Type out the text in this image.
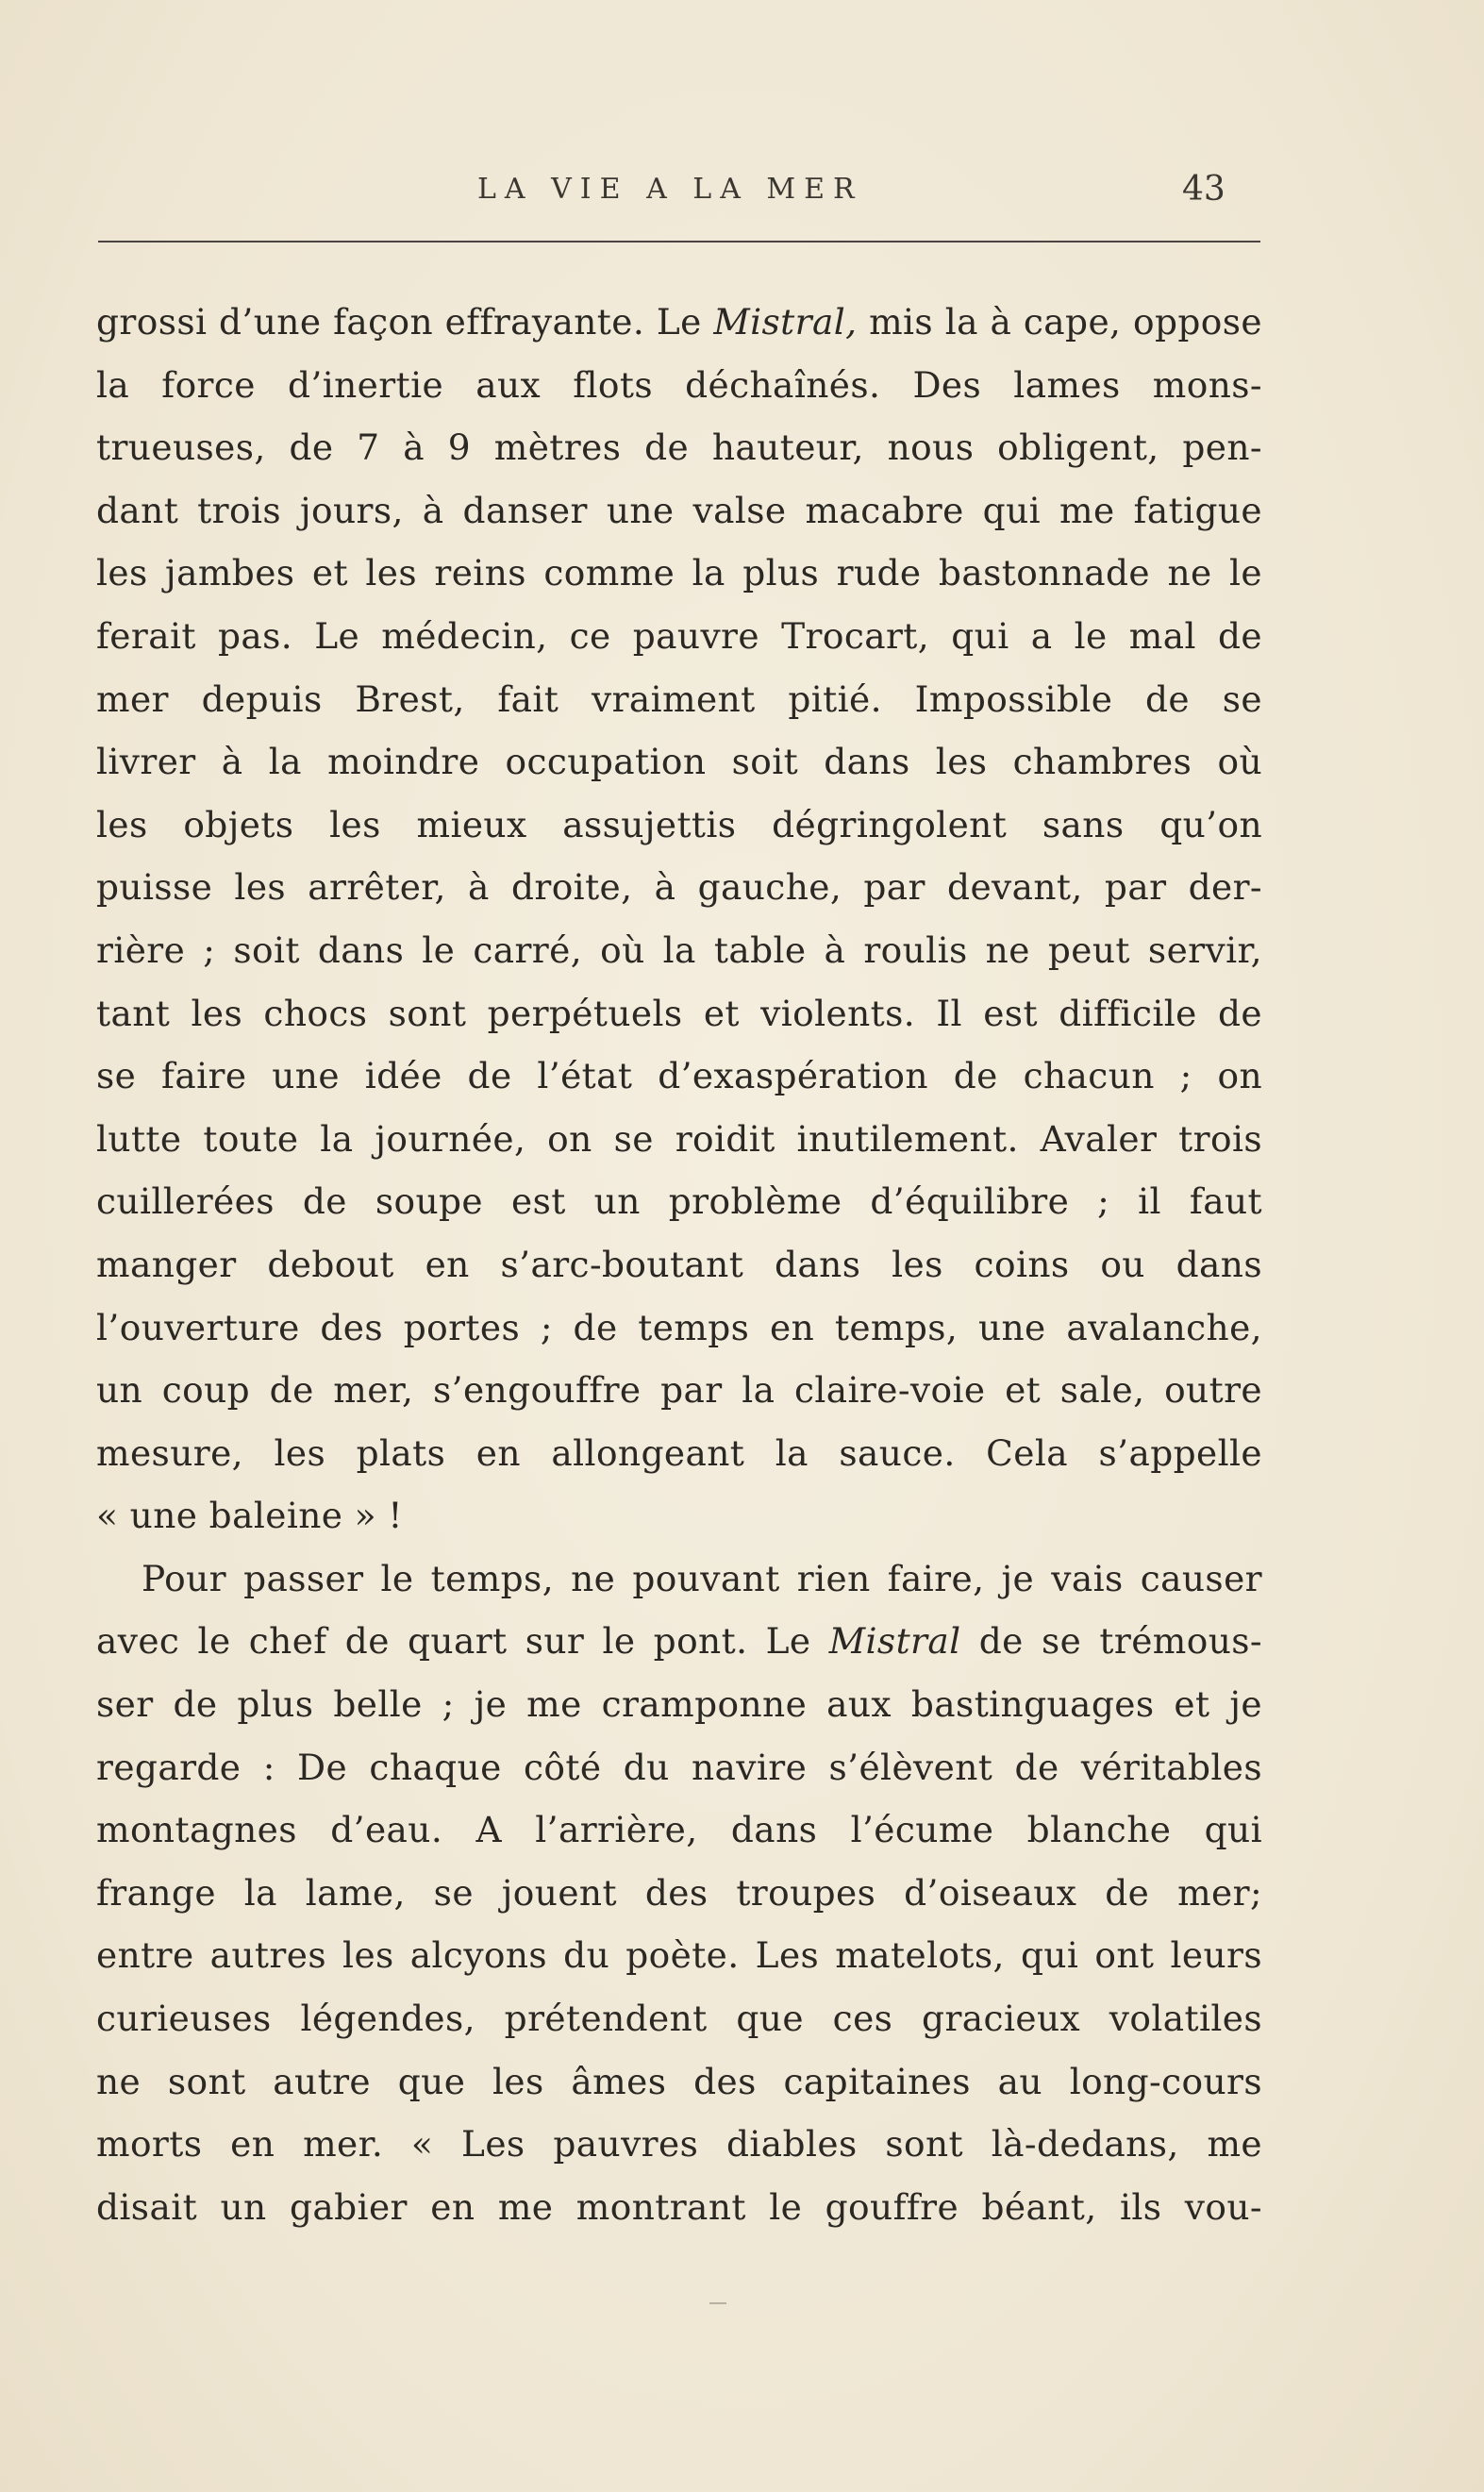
LA VIE A LA MER	43
grossi d’une façon effrayante. Le Mistral, mis la à cape, oppose
la force d’inertie aux flots déchaînés. Des lames mons-
trueuses, de 7 à 9 mètres de hauteur, nous obligent, pen-
dant trois jours, à danser une valse macabre qui me fatigue
les jambes et les reins comme la plus rude bastonnade ne le
ferait pas. Le médecin, ce pauvre Trocart, qui a le mal de
mer depuis Brest, fait vraiment pitié. Impossible de se
livrer à la moindre occupation soit dans les chambres où
les objets les mieux assujettis dégringolent sans qu’on
puisse les arrêter, à droite, à gauche, par devant, par der-
rière ; soit dans le carré, où la table à roulis ne peut servir,
tant les chocs sont perpétuels et violents. Il est difficile de
se faire une idée de l’état d’exaspération de chacun ; on
lutte toute la journée, on se roidit inutilement. Avaler trois
cuillerées de soupe est un problème d’équilibre ; il faut
manger debout en s’arc-boutant dans les coins ou dans
l’ouverture des portes ; de temps en temps, une avalanche,
un coup de mer, s’engouffre par la claire-voie et sale, outre
mesure, les plats en allongeant la sauce. Cela s’appelle
« une baleine » !
Pour passer le temps, ne pouvant rien faire, je vais causer
avec le chef de quart sur le pont. Le Mistral de se trémous-
ser de plus belle ; je me cramponne aux bastinguages et je
regarde : De chaque côté du navire s’élèvent de véritables
montagnes d’eau. A l’arrière, dans l’écume blanche qui
frange la lame, se jouent des troupes d’oiseaux de mer;
entre autres les alcyons du poète. Les matelots, qui ont leurs
curieuses légendes, prétendent que ces gracieux volatiles
ne sont autre que les âmes des capitaines au long-cours
morts en mer. « Les pauvres diables sont là-dedans, me
disait un gabier en me montrant le gouffre béant, ils vou-
